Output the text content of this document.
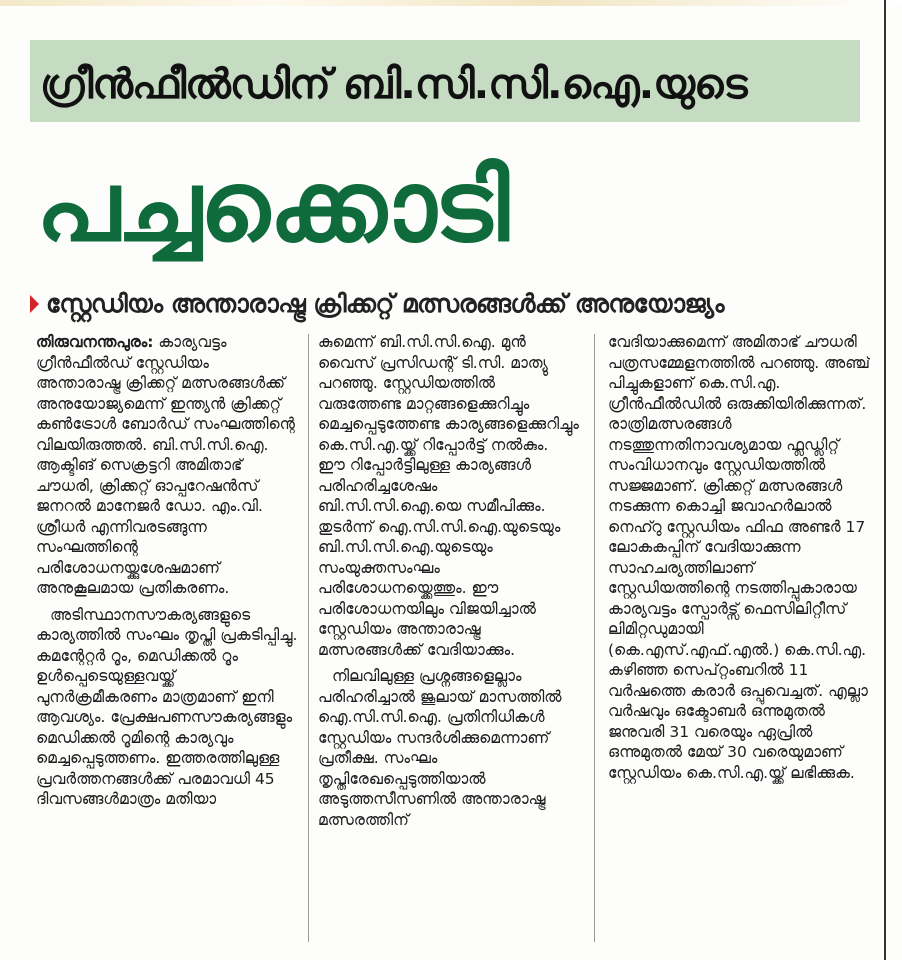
ഗ്രീൻഫീൽഡിന് ബി.സി.സി.ഐ.യുടെ
പച്ചക്കൊടി
സ്റ്റേഡിയം അന്താരാഷ്ട്ര ക്രിക്കറ്റ് മത്സരങ്ങൾക്ക് അനുയോജ്യം

തിരുവനന്തപുരം: കാര്യവട്ടം ഗ്രീൻഫീൽഡ് സ്റ്റേഡിയം അന്താരാഷ്ട്ര ക്രിക്കറ്റ് മത്സരങ്ങൾക്ക് അനുയോജ്യമെന്ന് ഇന്ത്യൻ ക്രിക്കറ്റ് കൺട്രോൾ ബോർഡ് സംഘത്തിന്റെ വിലയിരുത്തൽ. ബി.സി.സി.ഐ. ആക്ടിങ് സെക്രട്ടറി അമിതാഭ് ചൗധരി, ക്രിക്കറ്റ് ഓപ്പറേഷൻസ് ജനറൽ മാനേജർ ഡോ. എം.വി. ശ്രീധർ എന്നിവരടങ്ങുന്ന സംഘത്തിന്റെ പരിശോധനയ്ക്കുശേഷമാണ് അനുകൂലമായ പ്രതികരണം.

അടിസ്ഥാനസൗകര്യങ്ങളുടെ കാര്യത്തിൽ സംഘം തൃപ്തി പ്രകടിപ്പിച്ചു. കമന്റേറ്റർ റൂം, മെഡിക്കൽ റൂം ഉൾപ്പെടെയുള്ളവയ്ക്ക് പുനർക്രമീകരണം മാത്രമാണ് ഇനി ആവശ്യം. പ്രേക്ഷപണസൗകര്യങ്ങളും മെഡിക്കൽ റൂമിന്റെ കാര്യവും മെച്ചപ്പെടുത്തണം. ഇത്തരത്തിലുള്ള പ്രവർത്തനങ്ങൾക്ക് പരമാവധി 45 ദിവസങ്ങൾമാത്രം മതിയാ

കുമെന്ന് ബി.സി.സി.ഐ. മുൻ വൈസ് പ്രസിഡന്റ് ടി.സി. മാത്യു പറഞ്ഞു. സ്റ്റേഡിയത്തിൽ വരുത്തേണ്ട മാറ്റങ്ങളെക്കുറിച്ചും മെച്ചപ്പെടുത്തേണ്ട കാര്യങ്ങളെക്കുറിച്ചും കെ.സി.എ.യ്ക്ക് റിപ്പോർട്ട് നൽകും. ഈ റിപ്പോർട്ടിലുള്ള കാര്യങ്ങൾ പരിഹരിച്ചശേഷം ബി.സി.സി.ഐ.യെ സമീപിക്കും. തുടർന്ന് ഐ.സി.സി.ഐ.യുടെയും ബി.സി.സി.ഐ.യുടെയും സംയുക്തസംഘം പരിശോധനയ്ക്കെത്തും. ഈ പരിശോധനയിലും വിജയിച്ചാൽ സ്റ്റേഡിയം അന്താരാഷ്ട്ര മത്സരങ്ങൾക്ക് വേദിയാക്കും.

നിലവിലുള്ള പ്രശ്നങ്ങളെല്ലാം പരിഹരിച്ചാൽ ജൂലായ് മാസത്തിൽ ഐ.സി.സി.ഐ. പ്രതിനിധികൾ സ്റ്റേഡിയം സന്ദർശിക്കുമെന്നാണ് പ്രതീക്ഷ. സംഘം തൃപ്തിരേഖപ്പെടുത്തിയാൽ അടുത്തസീസണിൽ അന്താരാഷ്ട്ര മത്സരത്തിന്

വേദിയാക്കുമെന്ന് അമിതാഭ് ചൗധരി പത്രസമ്മേളനത്തിൽ പറഞ്ഞു. അഞ്ച് പിച്ചുകളാണ് കെ.സി.എ. ഗ്രീൻഫീൽഡിൽ ഒരുക്കിയിരിക്കുന്നത്. രാത്രിമത്സരങ്ങൾ നടത്തുന്നതിനാവശ്യമായ ഫ്ലഡ്ലിറ്റ് സംവിധാനവും സ്റ്റേഡിയത്തിൽ സജ്ജമാണ്. ക്രിക്കറ്റ് മത്സരങ്ങൾ നടക്കുന്ന കൊച്ചി ജവാഹർലാൽ നെഹ്റു സ്റ്റേഡിയം ഫിഫ അണ്ടർ 17 ലോകകപ്പിന് വേദിയാക്കുന്ന സാഹചര്യത്തിലാണ് സ്റ്റേഡിയത്തിന്റെ നടത്തിപ്പുകാരായ കാര്യവട്ടം സ്പോർട്സ് ഫെസിലിറ്റീസ് ലിമിറ്റഡുമായി (കെ.എസ്.എഫ്.എൽ.) കെ.സി.എ. കഴിഞ്ഞ സെപ്റ്റംബറിൽ 11 വർഷത്തെ കരാർ ഒപ്പുവെച്ചത്. എല്ലാ വർഷവും ഒക്ടോബർ ഒന്നുമുതൽ ജനുവരി 31 വരെയും ഏപ്രിൽ ഒന്നുമുതൽ മേയ് 30 വരെയുമാണ് സ്റ്റേഡിയം കെ.സി.എ.യ്ക്ക് ലഭിക്കുക.
